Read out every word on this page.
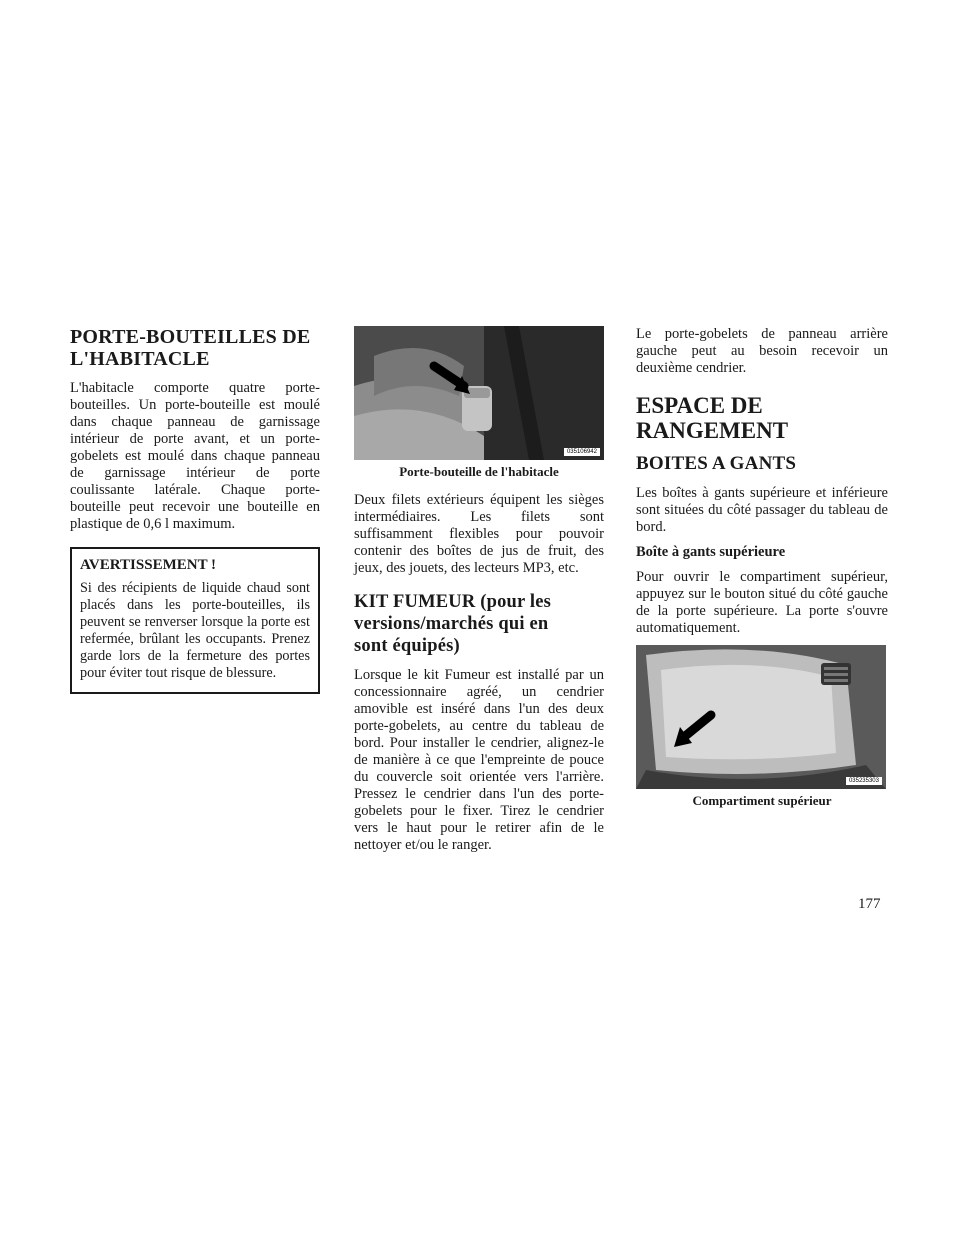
PORTE-BOUTEILLES DE
L'HABITACLE

L'habitacle comporte quatre porte-bouteilles. Un porte-bouteille est moulé dans chaque panneau de garnissage intérieur de porte avant, et un porte-gobelets est moulé dans chaque panneau de garnissage intérieur de porte coulissante latérale. Chaque porte-bouteille peut recevoir une bouteille en plastique de 0,6 l maximum.

AVERTISSEMENT !

Si des récipients de liquide chaud sont placés dans les porte-bouteilles, ils peuvent se renverser lorsque la porte est refermée, brûlant les occupants. Prenez garde lors de la fermeture des portes pour éviter tout risque de blessure.

035106942
Porte-bouteille de l'habitacle

Deux filets extérieurs équipent les sièges intermédiaires. Les filets sont suffisamment flexibles pour pouvoir contenir des boîtes de jus de fruit, des jeux, des jouets, des lecteurs MP3, etc.

KIT FUMEUR (pour les
versions/marchés qui en
sont équipés)

Lorsque le kit Fumeur est installé par un concessionnaire agréé, un cendrier amovible est inséré dans l'un des deux porte-gobelets, au centre du tableau de bord. Pour installer le cendrier, alignez-le de manière à ce que l'empreinte de pouce du couvercle soit orientée vers l'arrière. Pressez le cendrier dans l'un des porte-gobelets pour le fixer. Tirez le cendrier vers le haut pour le retirer afin de le nettoyer et/ou le ranger.

Le porte-gobelets de panneau arrière gauche peut au besoin recevoir un deuxième cendrier.

ESPACE DE
RANGEMENT
BOITES A GANTS

Les boîtes à gants supérieure et inférieure sont situées du côté passager du tableau de bord.

Boîte à gants supérieure

Pour ouvrir le compartiment supérieur, appuyez sur le bouton situé du côté gauche de la porte supérieure. La porte s'ouvre automatiquement.

035235303
Compartiment supérieur
177
